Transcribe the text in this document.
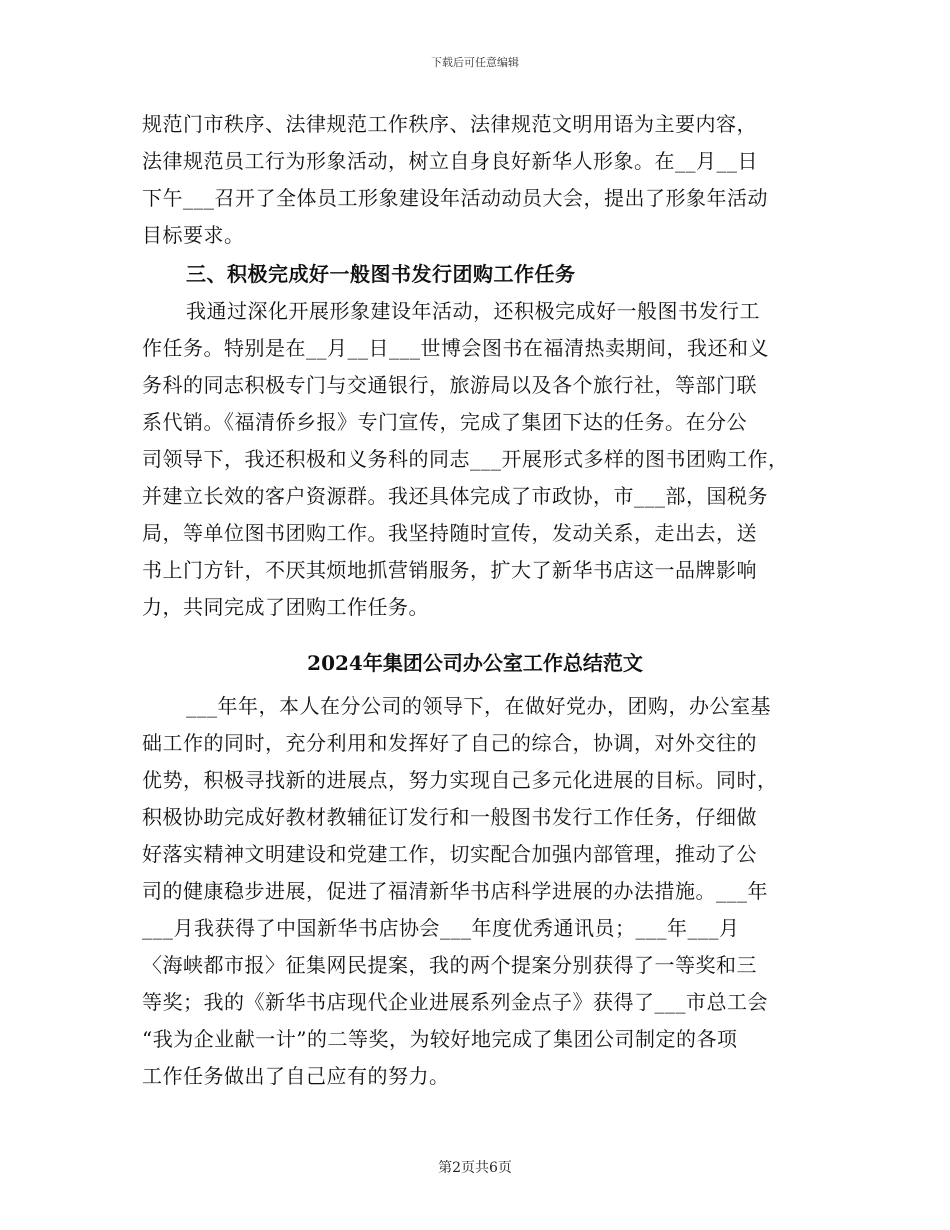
下载后可任意编辑
规范门市秩序、法律规范工作秩序、法律规范文明用语为主要内容，
法律规范员工行为形象活动，树立自身良好新华人形象。在__月__日
下午___召开了全体员工形象建设年活动动员大会，提出了形象年活动
目标要求。
三、积极完成好一般图书发行团购工作任务
我通过深化开展形象建设年活动，还积极完成好一般图书发行工
作任务。特别是在__月__日___世博会图书在福清热卖期间，我还和义
务科的同志积极专门与交通银行，旅游局以及各个旅行社，等部门联
系代销。《福清侨乡报》专门宣传，完成了集团下达的任务。在分公
司领导下，我还积极和义务科的同志___开展形式多样的图书团购工作，
并建立长效的客户资源群。我还具体完成了市政协，市___部，国税务
局，等单位图书团购工作。我坚持随时宣传，发动关系，走出去，送
书上门方针，不厌其烦地抓营销服务，扩大了新华书店这一品牌影响
力，共同完成了团购工作任务。
2024年集团公司办公室工作总结范文
___年年，本人在分公司的领导下，在做好党办，团购，办公室基
础工作的同时，充分利用和发挥好了自己的综合，协调，对外交往的
优势，积极寻找新的进展点，努力实现自己多元化进展的目标。同时，
积极协助完成好教材教辅征订发行和一般图书发行工作任务，仔细做
好落实精神文明建设和党建工作，切实配合加强内部管理，推动了公
司的健康稳步进展，促进了福清新华书店科学进展的办法措施。___年
___月我获得了中国新华书店协会___年度优秀通讯员；___年___月
〈海峡都市报〉征集网民提案，我的两个提案分别获得了一等奖和三
等奖；我的《新华书店现代企业进展系列金点子》获得了___市总工会
“我为企业献一计”的二等奖，为较好地完成了集团公司制定的各项
工作任务做出了自己应有的努力。
第2页共6页
